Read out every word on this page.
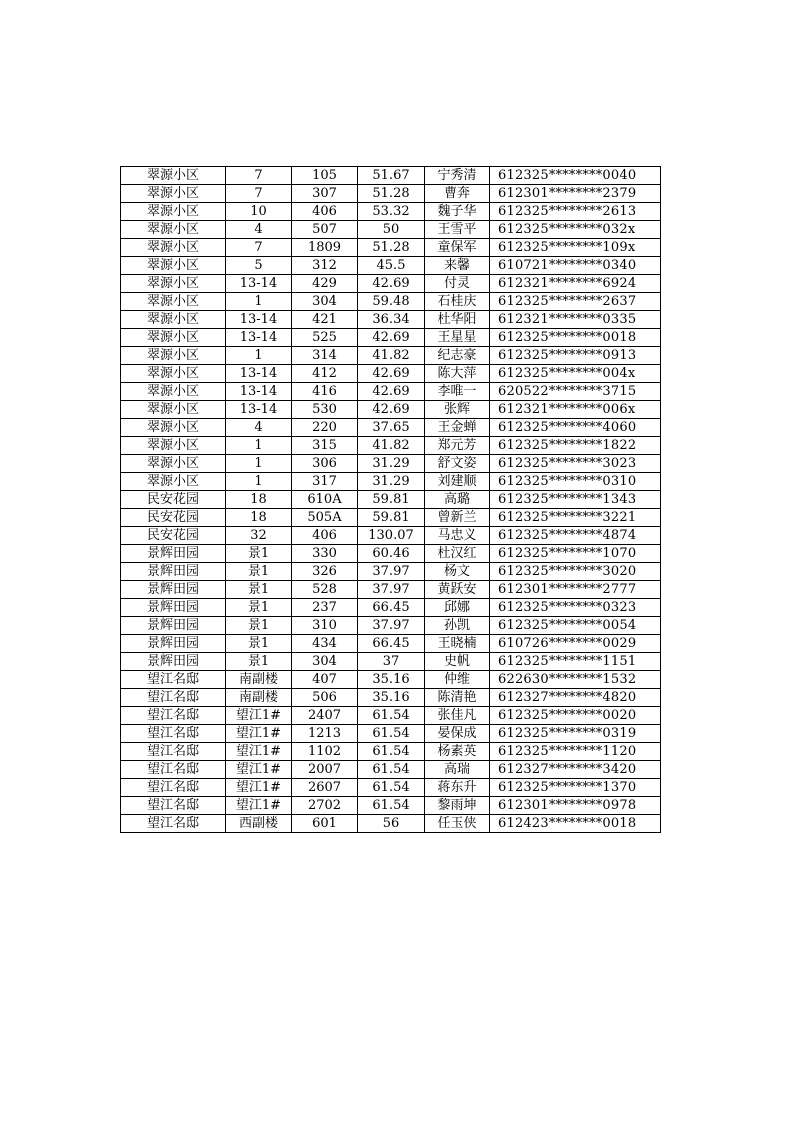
翠源小区	7	105	51.67	宁秀清	612325********0040
翠源小区	7	307	51.28	曹奔	612301********2379
翠源小区	10	406	53.32	魏子华	612325********2613
翠源小区	4	507	50	王雪平	612325********032x
翠源小区	7	1809	51.28	童保军	612325********109x
翠源小区	5	312	45.5	来馨	610721********0340
翠源小区	13-14	429	42.69	付灵	612321********6924
翠源小区	1	304	59.48	石桂庆	612325********2637
翠源小区	13-14	421	36.34	杜华阳	612321********0335
翠源小区	13-14	525	42.69	王星星	612325********0018
翠源小区	1	314	41.82	纪志豪	612325********0913
翠源小区	13-14	412	42.69	陈大萍	612325********004x
翠源小区	13-14	416	42.69	李唯一	620522********3715
翠源小区	13-14	530	42.69	张辉	612321********006x
翠源小区	4	220	37.65	王金蝉	612325********4060
翠源小区	1	315	41.82	郑元芳	612325********1822
翠源小区	1	306	31.29	舒文姿	612325********3023
翠源小区	1	317	31.29	刘建顺	612325********0310
民安花园	18	610A	59.81	高璐	612325********1343
民安花园	18	505A	59.81	曾新兰	612325********3221
民安花园	32	406	130.07	马忠义	612325********4874
景辉田园	景1	330	60.46	杜汉红	612325********1070
景辉田园	景1	326	37.97	杨文	612325********3020
景辉田园	景1	528	37.97	黄跃安	612301********2777
景辉田园	景1	237	66.45	邱娜	612325********0323
景辉田园	景1	310	37.97	孙凯	612325********0054
景辉田园	景1	434	66.45	王晓楠	610726********0029
景辉田园	景1	304	37	史帆	612325********1151
望江名邸	南副楼	407	35.16	仲维	622630********1532
望江名邸	南副楼	506	35.16	陈清艳	612327********4820
望江名邸	望江1#	2407	61.54	张佳凡	612325********0020
望江名邸	望江1#	1213	61.54	晏保成	612325********0319
望江名邸	望江1#	1102	61.54	杨素英	612325********1120
望江名邸	望江1#	2007	61.54	高瑞	612327********3420
望江名邸	望江1#	2607	61.54	蒋东升	612325********1370
望江名邸	望江1#	2702	61.54	黎雨坤	612301********0978
望江名邸	西副楼	601	56	任玉侠	612423********0018
